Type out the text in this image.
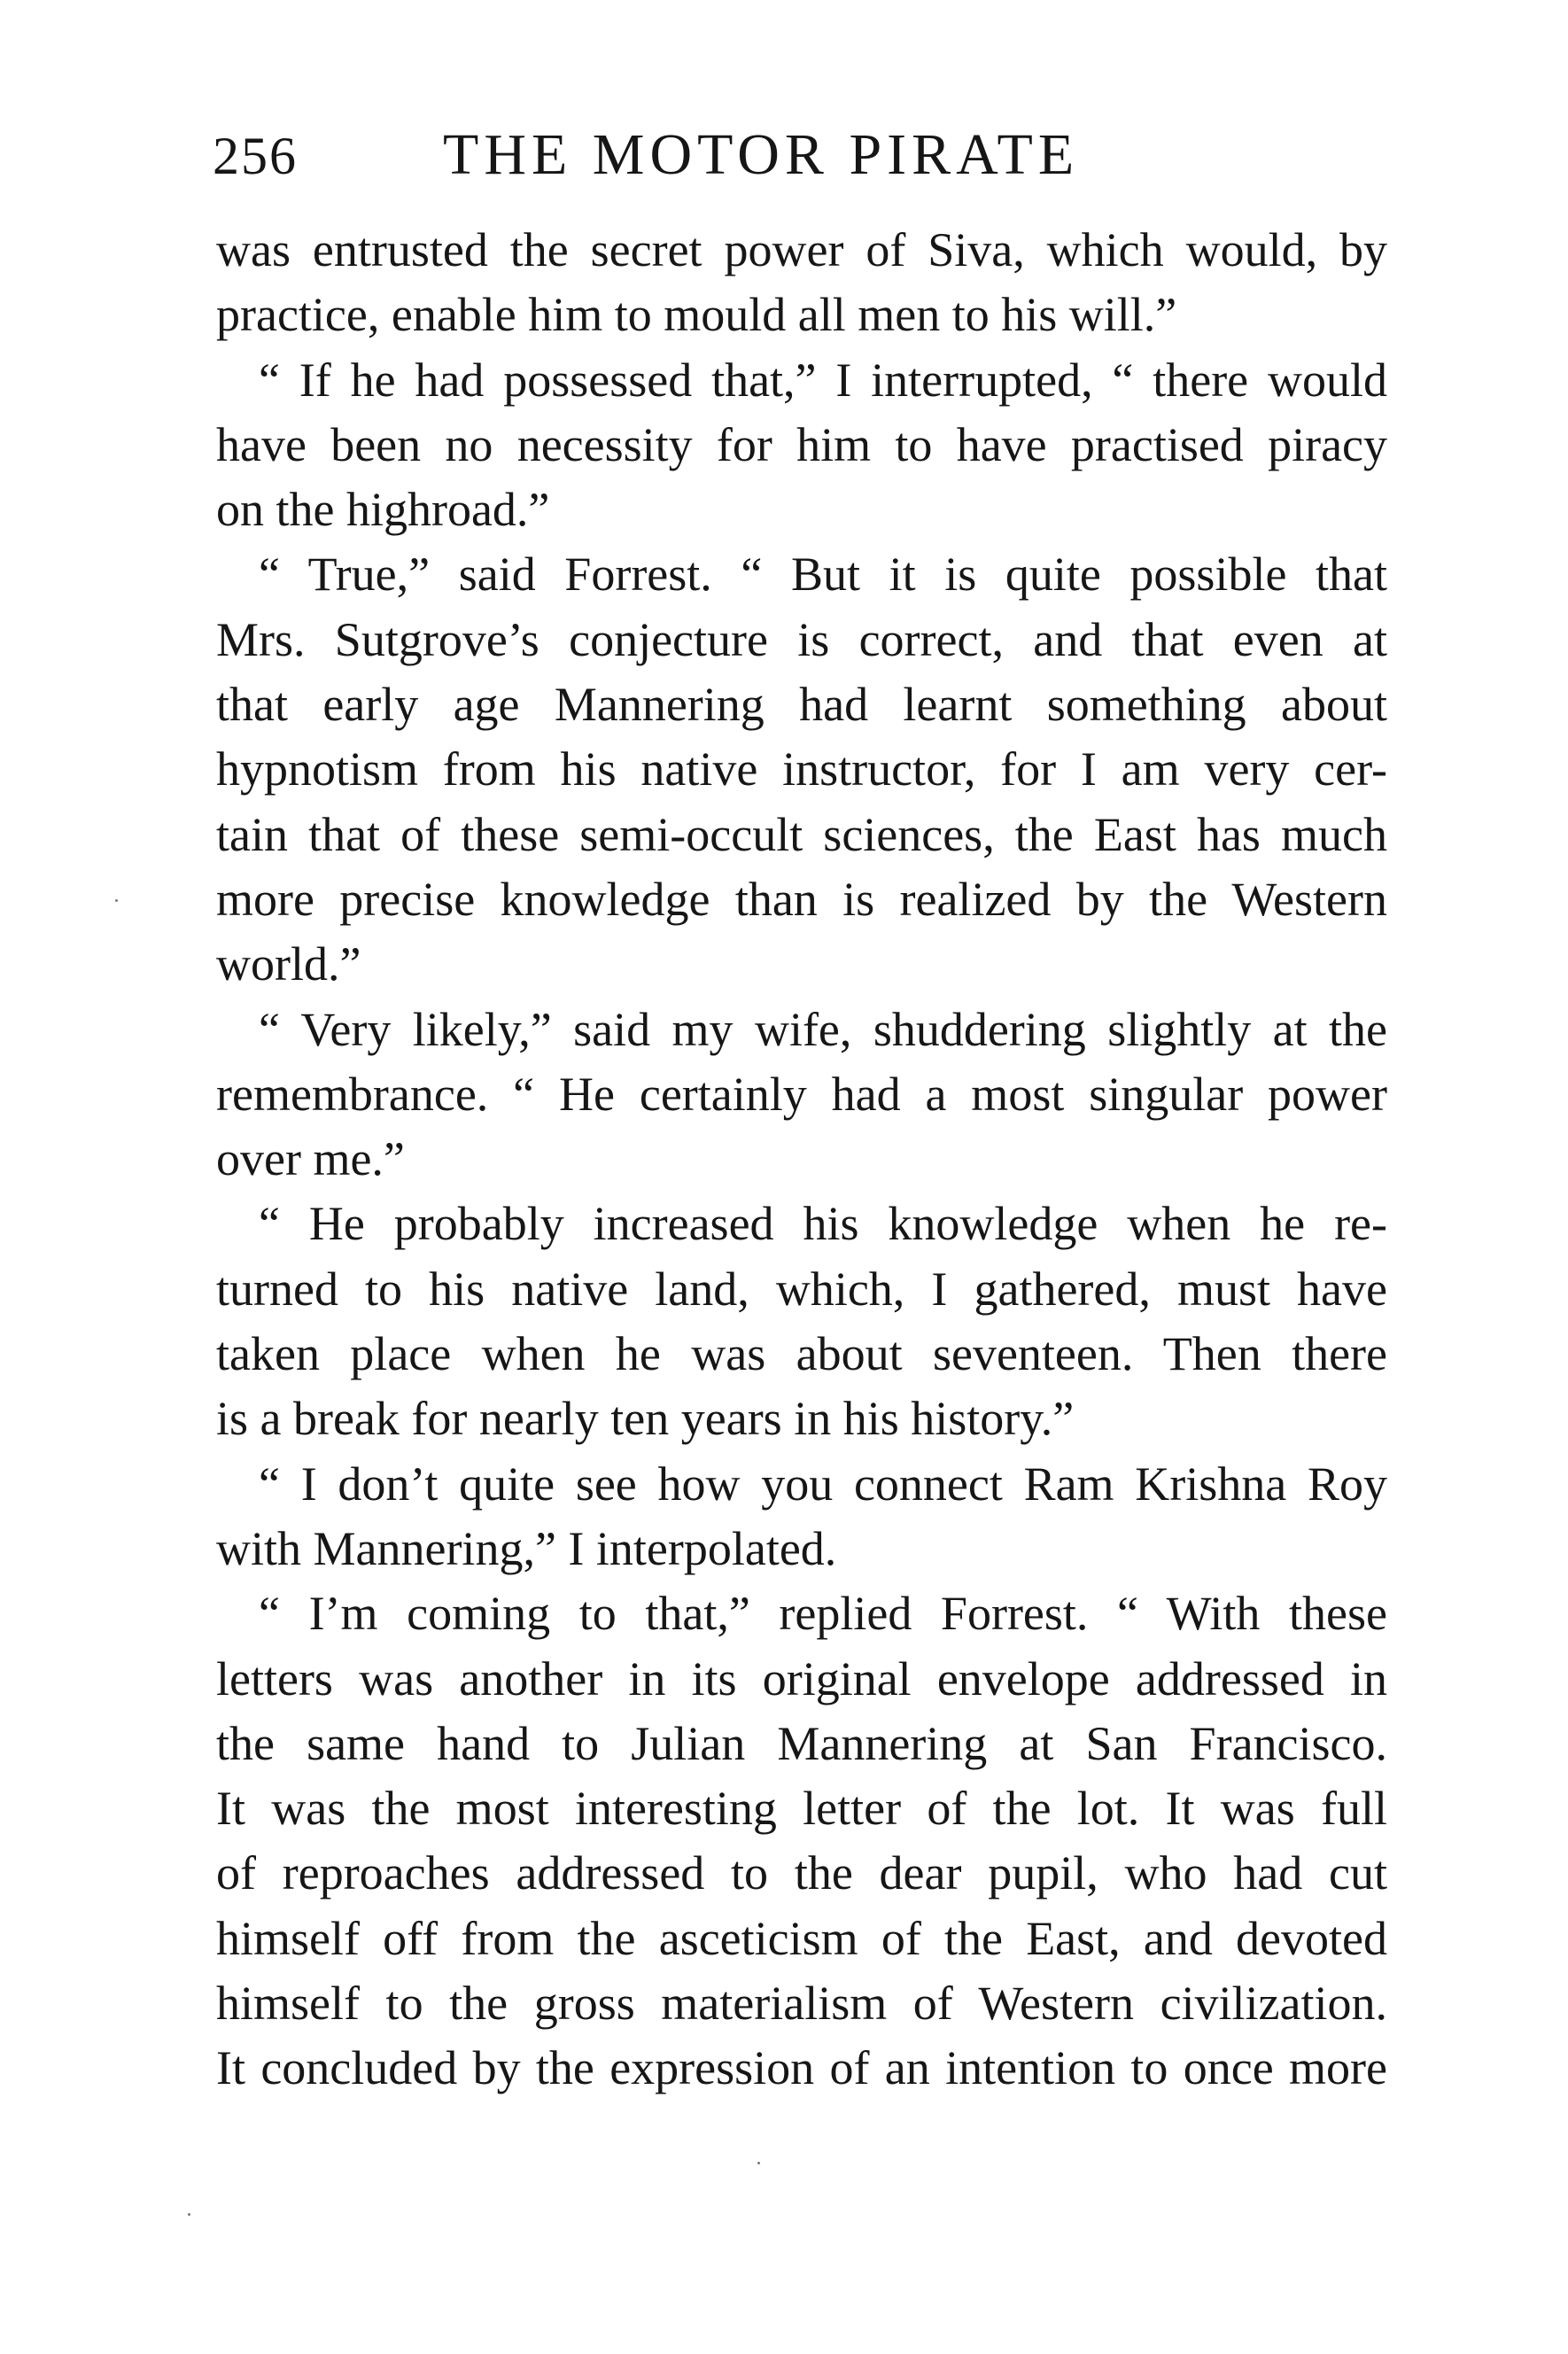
256 THE MOTOR PIRATE
was entrusted the secret power of Siva, which would, by
practice, enable him to mould all men to his will.”
“ If he had possessed that,” I interrupted, “ there would
have been no necessity for him to have practised piracy
on the highroad.”
“ True,” said Forrest. “ But it is quite possible that
Mrs. Sutgrove’s conjecture is correct, and that even at
that early age Mannering had learnt something about
hypnotism from his native instructor, for I am very cer-
tain that of these semi-occult sciences, the East has much
more precise knowledge than is realized by the Western
world.”
“ Very likely,” said my wife, shuddering slightly at the
remembrance. “ He certainly had a most singular power
over me.”
“ He probably increased his knowledge when he re-
turned to his native land, which, I gathered, must have
taken place when he was about seventeen. Then there
is a break for nearly ten years in his history.”
“ I don’t quite see how you connect Ram Krishna Roy
with Mannering,” I interpolated.
“ I’m coming to that,” replied Forrest. “ With these
letters was another in its original envelope addressed in
the same hand to Julian Mannering at San Francisco.
It was the most interesting letter of the lot. It was full
of reproaches addressed to the dear pupil, who had cut
himself off from the asceticism of the East, and devoted
himself to the gross materialism of Western civilization.
It concluded by the expression of an intention to once more
